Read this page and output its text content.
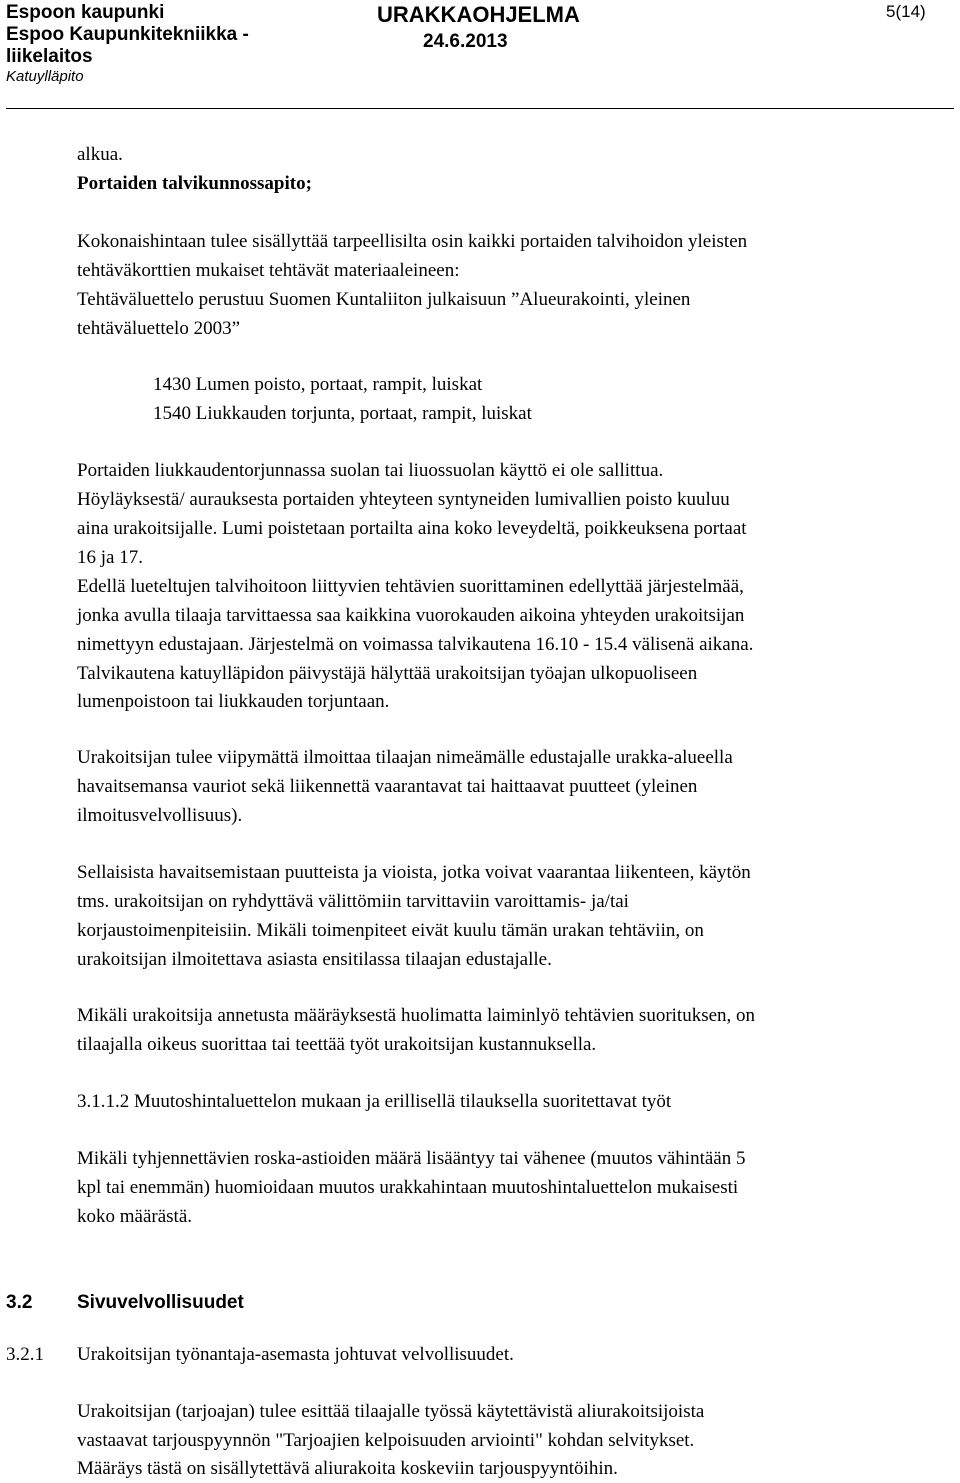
Espoon kaupunki
Espoo Kaupunkitekniikka -
liikelaitos
Katuylläpito
URAKKAOHJELMA
24.6.2013
5(14)
alkua.
Portaiden talvikunnossapito;
Kokonaishintaan tulee sisällyttää tarpeellisilta osin kaikki portaiden talvihoidon yleisten
tehtäväkorttien mukaiset tehtävät materiaaleineen:
Tehtäväluettelo perustuu Suomen Kuntaliiton julkaisuun ”Alueurakointi, yleinen
tehtäväluettelo 2003”
1430 Lumen poisto, portaat, rampit, luiskat
1540 Liukkauden torjunta, portaat, rampit, luiskat
Portaiden liukkaudentorjunnassa suolan tai liuossuolan käyttö ei ole sallittua.
Höyläyksestä/ aurauksesta portaiden yhteyteen syntyneiden lumivallien poisto kuuluu
aina urakoitsijalle. Lumi poistetaan portailta aina koko leveydeltä, poikkeuksena portaat
16 ja 17.
Edellä lueteltujen talvihoitoon liittyvien tehtävien suorittaminen edellyttää järjestelmää,
jonka avulla tilaaja tarvittaessa saa kaikkina vuorokauden aikoina yhteyden urakoitsijan
nimettyyn edustajaan. Järjestelmä on voimassa talvikautena 16.10 - 15.4 välisenä aikana.
Talvikautena katuylläpidon päivystäjä hälyttää urakoitsijan työajan ulkopuoliseen
lumenpoistoon tai liukkauden torjuntaan.
Urakoitsijan tulee viipymättä ilmoittaa tilaajan nimeämälle edustajalle urakka-alueella
havaitsemansa vauriot sekä liikennettä vaarantavat tai haittaavat puutteet (yleinen
ilmoitusvelvollisuus).
Sellaisista havaitsemistaan puutteista ja vioista, jotka voivat vaarantaa liikenteen, käytön
tms. urakoitsijan on ryhdyttävä välittömiin tarvittaviin varoittamis- ja/tai
korjaustoimenpiteisiin. Mikäli toimenpiteet eivät kuulu tämän urakan tehtäviin, on
urakoitsijan ilmoitettava asiasta ensitilassa tilaajan edustajalle.
Mikäli urakoitsija annetusta määräyksestä huolimatta laiminlyö tehtävien suorituksen, on
tilaajalla oikeus suorittaa tai teettää työt urakoitsijan kustannuksella.
3.1.1.2 Muutoshintaluettelon mukaan ja erillisellä tilauksella suoritettavat työt
Mikäli tyhjennettävien roska-astioiden määrä lisääntyy tai vähenee (muutos vähintään 5
kpl tai enemmän) huomioidaan muutos urakkahintaan muutoshintaluettelon mukaisesti
koko määrästä.
3.2 Sivuvelvollisuudet
3.2.1 Urakoitsijan työnantaja-asemasta johtuvat velvollisuudet.
Urakoitsijan (tarjoajan) tulee esittää tilaajalle työssä käytettävistä aliurakoitsijoista
vastaavat tarjouspyynnön "Tarjoajien kelpoisuuden arviointi" kohdan selvitykset.
Määräys tästä on sisällytettävä aliurakoita koskeviin tarjouspyyntöihin.
